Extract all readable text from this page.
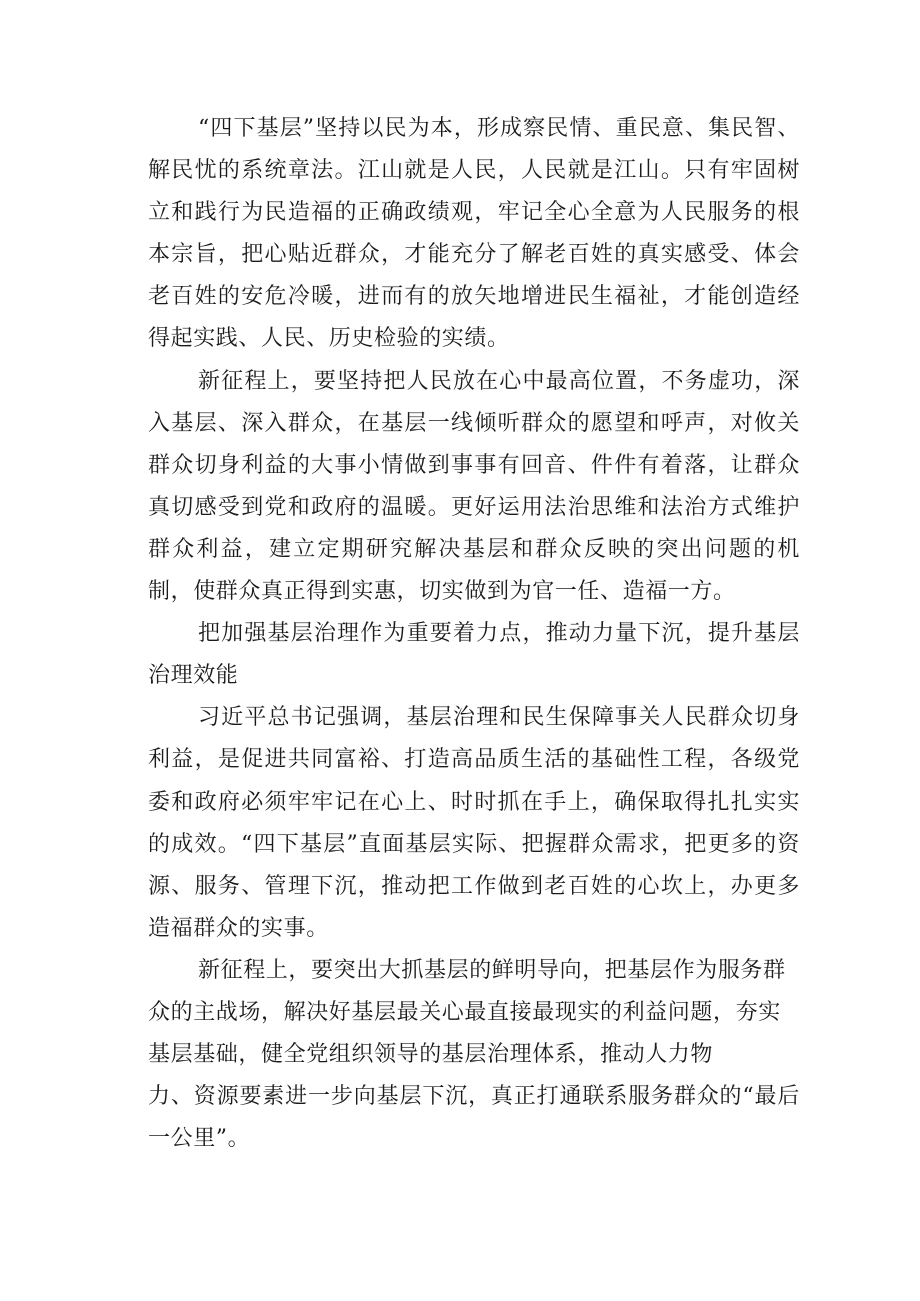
“四下基层”坚持以民为本，形成察民情、重民意、集民智、解民忧的系统章法。江山就是人民，人民就是江山。只有牢固树立和践行为民造福的正确政绩观，牢记全心全意为人民服务的根本宗旨，把心贴近群众，才能充分了解老百姓的真实感受、体会老百姓的安危冷暖，进而有的放矢地增进民生福祉，才能创造经得起实践、人民、历史检验的实绩。

新征程上，要坚持把人民放在心中最高位置，不务虚功，深入基层、深入群众，在基层一线倾听群众的愿望和呼声，对攸关群众切身利益的大事小情做到事事有回音、件件有着落，让群众真切感受到党和政府的温暖。更好运用法治思维和法治方式维护群众利益，建立定期研究解决基层和群众反映的突出问题的机制，使群众真正得到实惠，切实做到为官一任、造福一方。

把加强基层治理作为重要着力点，推动力量下沉，提升基层治理效能

习近平总书记强调，基层治理和民生保障事关人民群众切身利益，是促进共同富裕、打造高品质生活的基础性工程，各级党委和政府必须牢牢记在心上、时时抓在手上，确保取得扎扎实实的成效。“四下基层”直面基层实际、把握群众需求，把更多的资源、服务、管理下沉，推动把工作做到老百姓的心坎上，办更多造福群众的实事。

新征程上，要突出大抓基层的鲜明导向，把基层作为服务群众的主战场，解决好基层最关心最直接最现实的利益问题，夯实基层基础，健全党组织领导的基层治理体系，推动人力物

力、资源要素进一步向基层下沉，真正打通联系服务群众的“最后一公里”。
